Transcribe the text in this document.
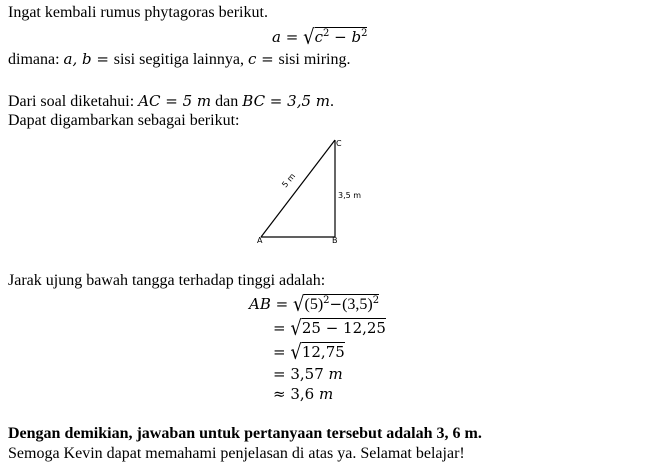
Ingat kembali rumus phytagoras berikut.
$a = √c^2 - b^2$
dimana: a, b = sisi segitiga lainnya, c = sisi miring.
Dari soal diketahui: AC = 5 m dan BC = 3,5 m.
Dapat digambarkan sebagai berikut:
C
A	B
5 m
3,5 m
Jarak ujung bawah tangga terhadap tinggi adalah:
AB = $√(5)^2-(3,5)^2$
= √25 − 12,25
= √12,75
= 3,57 m
≈ 3,6 m
Dengan demikian, jawaban untuk pertanyaan tersebut adalah 3, 6 m.
Semoga Kevin dapat memahami penjelasan di atas ya. Selamat belajar!
